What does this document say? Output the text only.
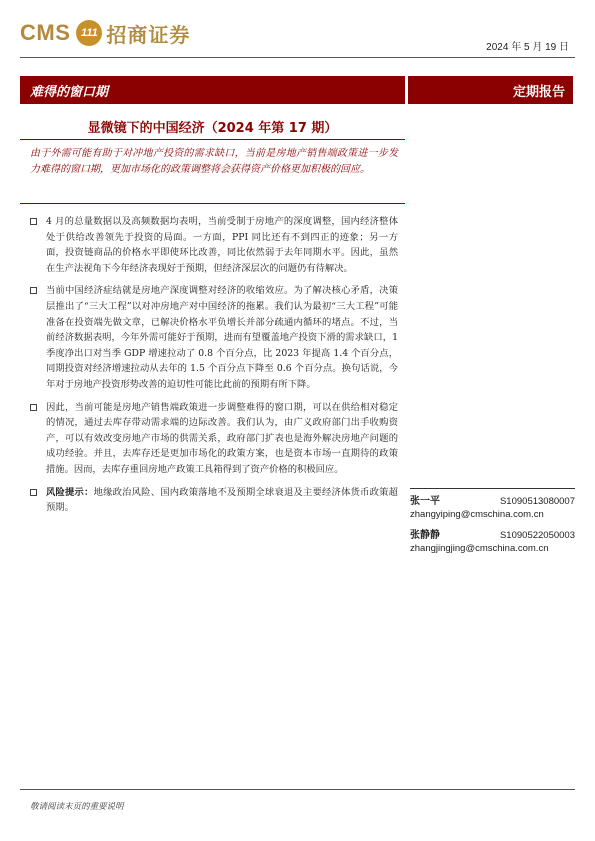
CMS 111 招商证券
2024 年 5 月 19 日
难得的窗口期	定期报告
显微镜下的中国经济（2024 年第 17 期）
由于外需可能有助于对冲地产投资的需求缺口，当前是房地产销售端政策进一步发力难得的窗口期，更加市场化的政策调整将会获得资产价格更加积极的回应。
4 月的总量数据以及高频数据均表明，当前受制于房地产的深度调整，国内经济整体处于供给改善领先于投资的局面。一方面，PPI 同比还有不到四正的迹象；另一方面，投资链商品的价格水平即使环比改善，同比依然弱于去年同期水平。因此，虽然在生产法视角下今年经济表现好于预期，但经济深层次的问题仍有待解决。
当前中国经济症结就是房地产深度调整对经济的收缩效应。为了解决核心矛盾，决策层推出了“三大工程”以对冲房地产对中国经济的拖累。我们认为最初“三大工程”可能准备在投资端先做文章，已解决价格水平负增长并部分疏通内循环的堵点。不过，当前经济数据表明，今年外需可能好于预期，进而有望覆盖地产投资下滑的需求缺口，1 季度净出口对当季 GDP 增速拉动了 0.8 个百分点，比 2023 年提高 1.4 个百分点，同期投资对经济增速拉动从去年的 1.5 个百分点下降至 0.6 个百分点。换句话说，今年对于房地产投资形势改善的迫切性可能比此前的预期有所下降。
因此，当前可能是房地产销售端政策进一步调整难得的窗口期，可以在供给相对稳定的情况，通过去库存带动需求端的边际改善。我们认为，由广义政府部门出手收购资产，可以有效改变房地产市场的供需关系，政府部门扩表也是海外解决房地产问题的成功经验。并且，去库存还是更加市场化的政策方案，也是资本市场一直期待的政策措施。因而，去库存重回房地产政策工具箱得到了资产价格的积极回应。
风险提示：地缘政治风险、国内政策落地不及预期全球衰退及主要经济体货币政策超预期。
张一平	S1090513080007
zhangyiping@cmschina.com.cn
张静静	S1090522050003
zhangjingjing@cmschina.com.cn
敬请阅读末页的重要说明
